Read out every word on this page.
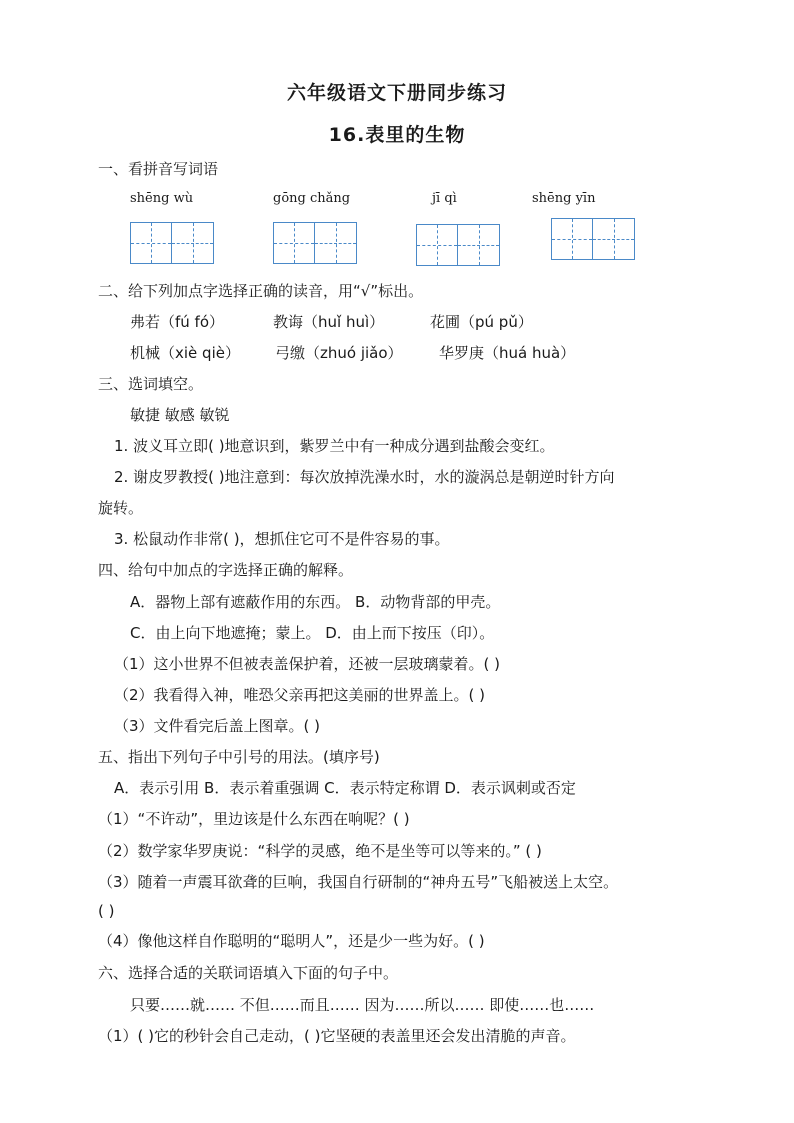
六年级语文下册同步练习
16.表里的生物
一、看拼音写词语
shēng wù	gōng chǎng	jī qì	shēng yīn
二、给下列加点字选择正确的读音，用“√”标出。
弗若（fú fó）	教诲（huǐ huì）	花圃（pú pǔ）
机械（xiè qiè） 弓缴（zhuó jiǎo） 华罗庚（huá huà）
三、选词填空。
敏捷 敏感 敏锐
1. 波义耳立即( )地意识到，紫罗兰中有一种成分遇到盐酸会变红。
2. 谢皮罗教授( )地注意到：每次放掉洗澡水时，水的漩涡总是朝逆时针方向
旋转。
3. 松鼠动作非常( )，想抓住它可不是件容易的事。
四、给句中加点的字选择正确的解释。
A．器物上部有遮蔽作用的东西。 B．动物背部的甲壳。
C．由上向下地遮掩；蒙上。 D．由上而下按压（印）。
（1）这小世界不但被表盖保护着，还被一层玻璃蒙着。( )
（2）我看得入神，唯恐父亲再把这美丽的世界盖上。( )
（3）文件看完后盖上图章。( )
五、指出下列句子中引号的用法。(填序号)
A．表示引用 B．表示着重强调 C．表示特定称谓 D．表示讽刺或否定
（1）“不许动”，里边该是什么东西在响呢？( )
（2）数学家华罗庚说：“科学的灵感，绝不是坐等可以等来的。” ( )
（3）随着一声震耳欲聋的巨响，我国自行研制的“神舟五号”飞船被送上太空。
( )
（4）像他这样自作聪明的“聪明人”，还是少一些为好。( )
六、选择合适的关联词语填入下面的句子中。
只要……就…… 不但……而且…… 因为……所以…… 即使……也……
（1）( )它的秒针会自己走动，( )它坚硬的表盖里还会发出清脆的声音。
